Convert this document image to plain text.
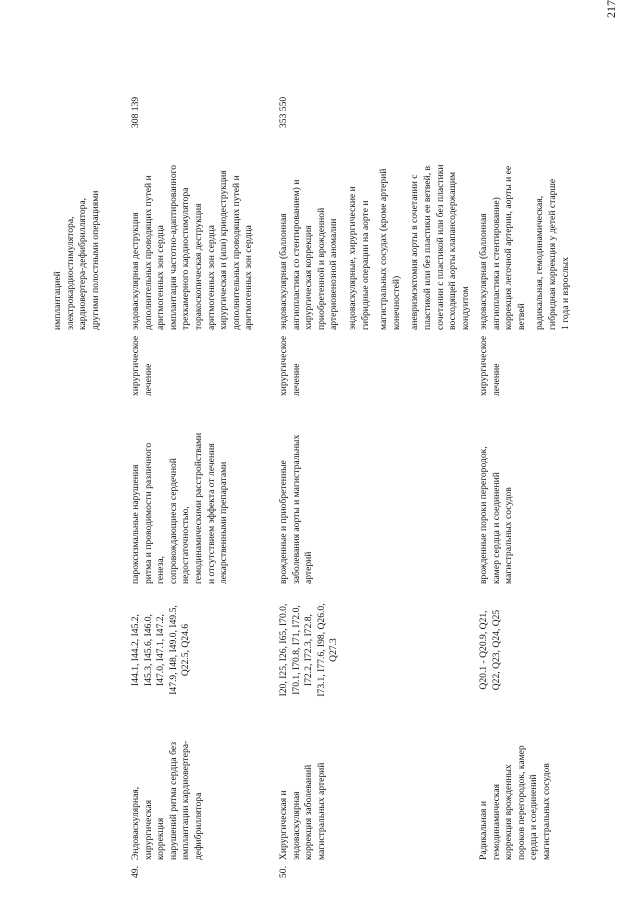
217
имплантацией электрокардиостимулятора, кардиовертера-дефибриллятора, другими полостными операциями
49.
Эндоваскулярная, хирургическая коррекция нарушений ритма сердца без имплантации кардиовертера- дефибриллятора
I44.1, I44.2, I45.2, I45.3, I45.6, I46.0, I47.0, I47.1, I47.2, I47.9, I48, I49.0, I49.5, Q22.5, Q24.6
пароксизмальные нарушения ритма и проводимости различного генеза, сопровождающиеся сердечной недостаточностью, гемодинамическими расстройствами и отсутствием эффекта от лечения лекарственными препаратами
хирургическое лечение
эндоваскулярная деструкция дополнительных проводящих путей и аритмогенных зон сердца имплантация частотно-адаптированного трехкамерного кардиостимулятора торакоскопическая деструкция аритмогенных зон сердца хирургическая и (или) криодеструкция дополнительных проводящих путей и аритмогенных зон сердца
308 139
50.
Хирургическая и эндоваскулярная коррекция заболеваний магистральных артерий
I20, I25, I26, I65, I70.0, I70.1, I70.8, I71, I72.0, I72.2, I72.3, I72.8, I73.1, I77.6, I98, Q26.0, Q27.3
врожденные и приобретенные заболевания аорты и магистральных артерий
хирургическое лечение
эндоваскулярная (баллонная ангиопластика со стентированием) и хирургическая коррекция приобретенной и врожденной артериовенозной аномалии эндоваскулярные, хирургические и гибридные операции на аорте и магистральных сосудах (кроме артерий конечностей) аневризмэктомия аорты в сочетании с пластикой или без пластики ее ветвей, в сочетании с пластикой или без пластики восходящей аорты клапансодержащим кондуитом
353 550
Радикальная и гемодинамическая коррекция врожденных пороков перегородок, камер сердца и соединений магистральных сосудов
Q20.1 - Q20.9, Q21, Q22, Q23, Q24, Q25
врожденные пороки перегородок, камер сердца и соединений магистральных сосудов
хирургическое лечение
эндоваскулярная (баллонная ангиопластика и стентирование) коррекция легочной артерии, аорты и ее ветвей радикальная, гемодинамическая, гибридная коррекция у детей старше 1 года и взрослых
